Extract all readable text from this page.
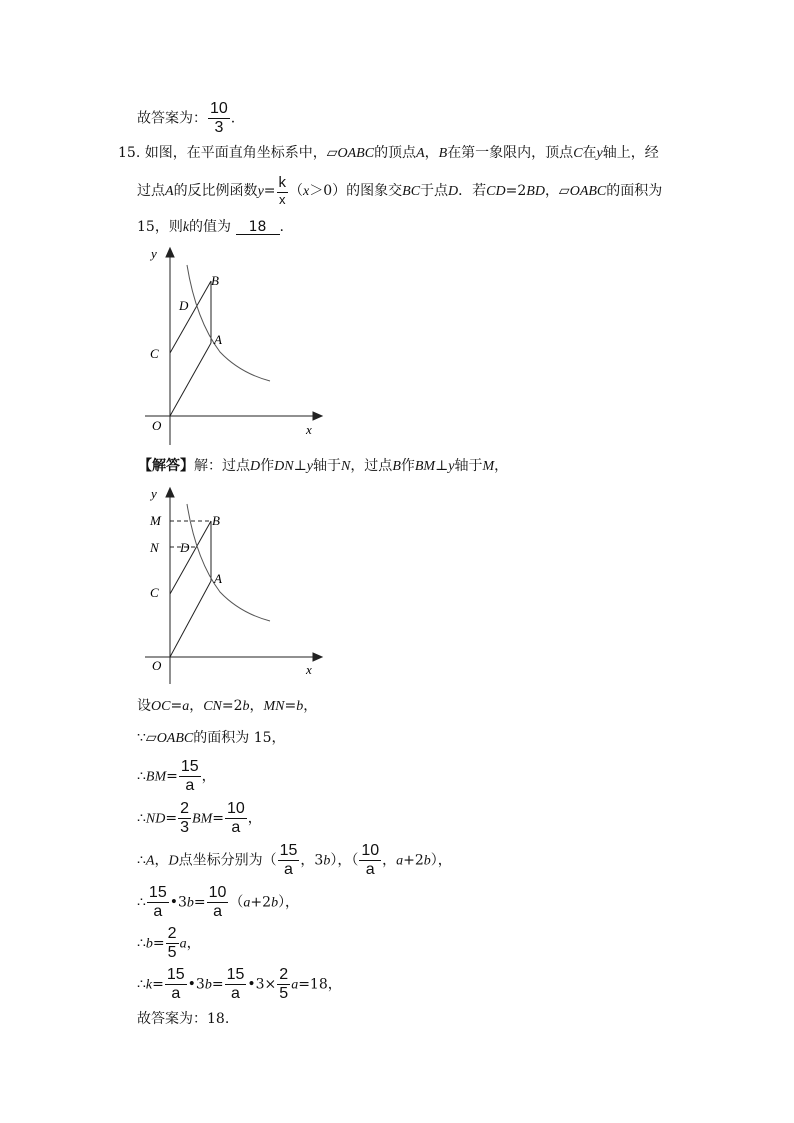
故答案为： $\frac{10}{3}$ .
15. 如图，在平面直角坐标系中，▱OABC的顶点A，B在第一象限内，顶点C在y轴上，经
过点A的反比例函数$y= \frac{k}{x} (x>0)$的图象交BC于点D．若CD=2BD，▱OABC的面积为
15，则k的值为 18 .
y
B
D
C
A
O	x
【解答】解：过点D作DN⊥y轴于N，过点B作BM⊥y轴于M，
y
M	B
N D
C
A
O	x
设OC=a，CN=2b，MN=b，
∵▱OABC的面积为 15，
∴BM= $\frac{15}{a}$ ，
∴ND= $\frac{2}{3} BM= \frac{10}{a}$ ，
∴A，D点坐标分别为（ $\frac{15}{a}$ ，3b），（ $\frac{10}{a}$ ，a+2b），
∴ $\frac{15}{a}$ •3b= $\frac{10}{a} (a+2b)$，
∴b= $\frac{2}{5}$ a，
∴k= $\frac{15}{a}$ •3b= $\frac{15}{a}$ •3× $\frac{2}{5} a=18$，
故答案为：18.
